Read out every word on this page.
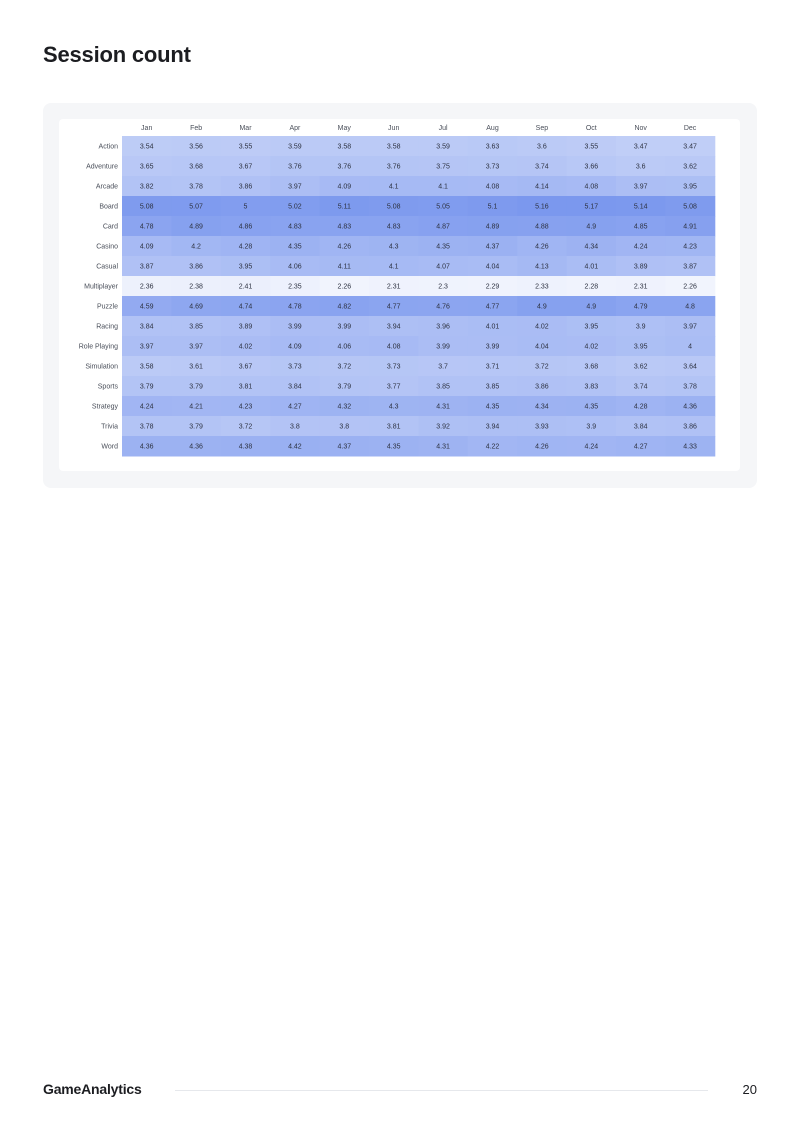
Session count
Jan	Feb	Mar	Apr	May	Jun	Jul	Aug	Sep	Oct	Nov	Dec
Action	3.54	3.56	3.55	3.59	3.58	3.58	3.59	3.63	3.6	3.55	3.47	3.47
Adventure	3.65	3.68	3.67	3.76	3.76	3.76	3.75	3.73	3.74	3.66	3.6	3.62
Arcade	3.82	3.78	3.86	3.97	4.09	4.1	4.1	4.08	4.14	4.08	3.97	3.95
Board	5.08	5.07	5	5.02	5.11	5.08	5.05	5.1	5.16	5.17	5.14	5.08
Card	4.78	4.89	4.86	4.83	4.83	4.83	4.87	4.89	4.88	4.9	4.85	4.91
Casino	4.09	4.2	4.28	4.35	4.26	4.3	4.35	4.37	4.26	4.34	4.24	4.23
Casual	3.87	3.86	3.95	4.06	4.11	4.1	4.07	4.04	4.13	4.01	3.89	3.87
Multiplayer	2.36	2.38	2.41	2.35	2.26	2.31	2.3	2.29	2.33	2.28	2.31	2.26
Puzzle	4.59	4.69	4.74	4.78	4.82	4.77	4.76	4.77	4.9	4.9	4.79	4.8
Racing	3.84	3.85	3.89	3.99	3.99	3.94	3.96	4.01	4.02	3.95	3.9	3.97
Role Playing	3.97	3.97	4.02	4.09	4.06	4.08	3.99	3.99	4.04	4.02	3.95	4
Simulation	3.58	3.61	3.67	3.73	3.72	3.73	3.7	3.71	3.72	3.68	3.62	3.64
Sports	3.79	3.79	3.81	3.84	3.79	3.77	3.85	3.85	3.86	3.83	3.74	3.78
Strategy	4.24	4.21	4.23	4.27	4.32	4.3	4.31	4.35	4.34	4.35	4.28	4.36
Trivia	3.78	3.79	3.72	3.8	3.8	3.81	3.92	3.94	3.93	3.9	3.84	3.86
Word	4.36	4.36	4.38	4.42	4.37	4.35	4.31	4.22	4.26	4.24	4.27	4.33
GameAnalytics	20
